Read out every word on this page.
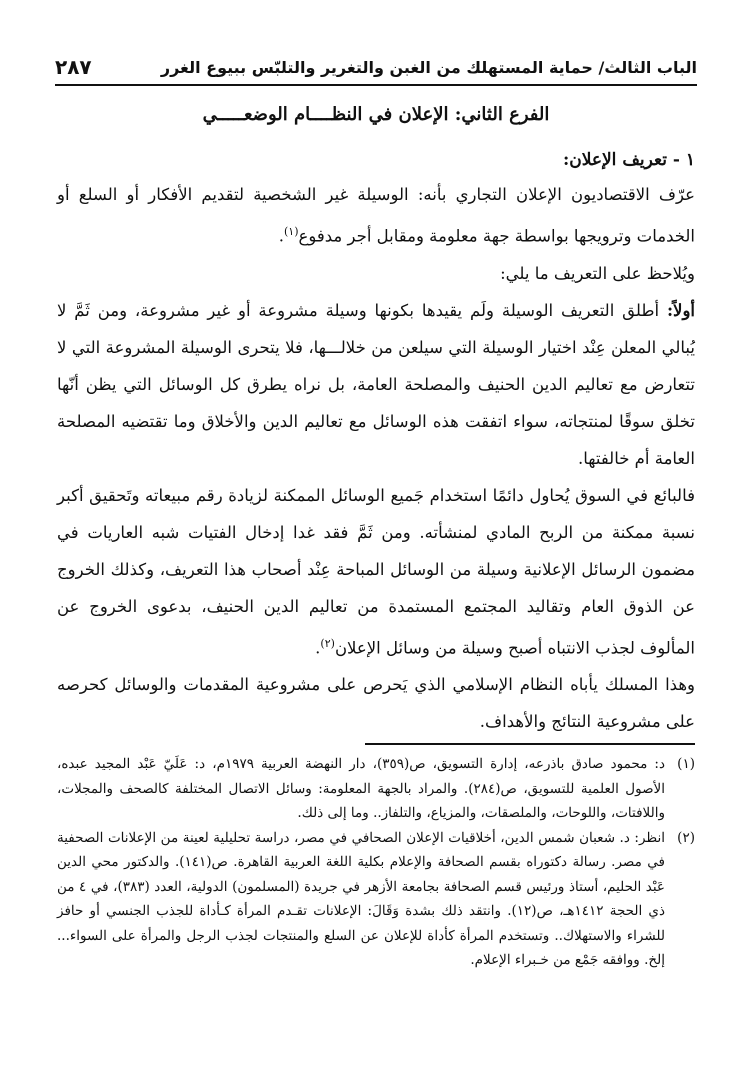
الباب الثالث/ حماية المستهلك من الغبن والتغرير والتلبّس ببيوع الغرر
٢٨٧
الفرع الثاني: الإعلان في النظــــام الوضعـــــي
١ - تعريف الإعلان:

عرّف الاقتصاديون الإعلان التجاري بأنه: الوسيلة غير الشخصية لتقديم الأفكار أو السلع أو الخدمات وترويجها بواسطة جهة معلومة ومقابل أجر مدفوع$^{(١)}$.

ويُلاحظ على التعريف ما يلي:

أولاً: أطلق التعريف الوسيلة ولَم يقيدها بكونها وسيلة مشروعة أو غير مشروعة، ومن ثَمَّ لا يُبالي المعلن عِنْد اختيار الوسيلة التي سيلعن من خلالـــها، فلا يتحرى الوسيلة المشروعة التي لا تتعارض مع تعاليم الدين الحنيف والمصلحة العامة، بل نراه يطرق كل الوسائل التي يظن أنّها تخلق سوقًا لمنتجاته، سواء اتفقت هذه الوسائل مع تعاليم الدين والأخلاق وما تقتضيه المصلحة العامة أم خالفتها.

فالبائع في السوق يُحاول دائمًا استخدام جَميع الوسائل الممكنة لزيادة رقم مبيعاته وتَحقيق أكبر نسبة ممكنة من الربح المادي لمنشأته. ومن ثَمَّ فقد غدا إدخال الفتيات شبه العاريات في مضمون الرسائل الإعلانية وسيلة من الوسائل المباحة عِنْد أصحاب هذا التعريف، وكذلك الخروج عن الذوق العام وتقاليد المجتمع المستمدة من تعاليم الدين الحنيف، بدعوى الخروج عن المألوف لجذب الانتباه أصبح وسيلة من وسائل الإعلان$^{(٢)}$.

وهذا المسلك يأباه النظام الإسلامي الذي يَحرص على مشروعية المقدمات والوسائل كحرصه على مشروعية النتائج والأهداف.

(١)
د: محمود صادق باذرعه، إدارة التسويق، ص(٣٥٩)، دار النهضة العربية ١٩٧٩م، د: عَلَيّ عَبْد المجيد عبده، الأصول العلمية للتسويق، ص(٢٨٤). والمراد بالجهة المعلومة: وسائل الاتصال المختلفة كالصحف والمجلات، واللافتات، واللوحات، والملصقات، والمزياع، والتلفاز.. وما إلى ذلك.

(٢)
انظر: د. شعبان شمس الدين، أخلاقيات الإعلان الصحافي في مصر، دراسة تحليلية لعينة من الإعلانات الصحفية في مصر. رسالة دكتوراه بقسم الصحافة والإعلام بكلية اللغة العربية القاهرة. ص(١٤١). والدكتور محي الدين عَبْد الحليم، أستاذ ورئيس قسم الصحافة بجامعة الأزهر في جريدة (المسلمون) الدولية، العدد (٣٨٣)، في ٤ من ذي الحجة ١٤١٢هـ، ص(١٢). وانتقد ذلك بشدة وَقَالَ: الإعلانات تقـدم المرأة كـأداة للجذب الجنسي أو حافز للشراء والاستهلاك.. وتستخدم المرأة كأداة للإعلان عن السلع والمنتجات لجذب الرجل والمرأة على السواء... إلخ. ووافقه جَمْع من خـبراء الإعلام.
